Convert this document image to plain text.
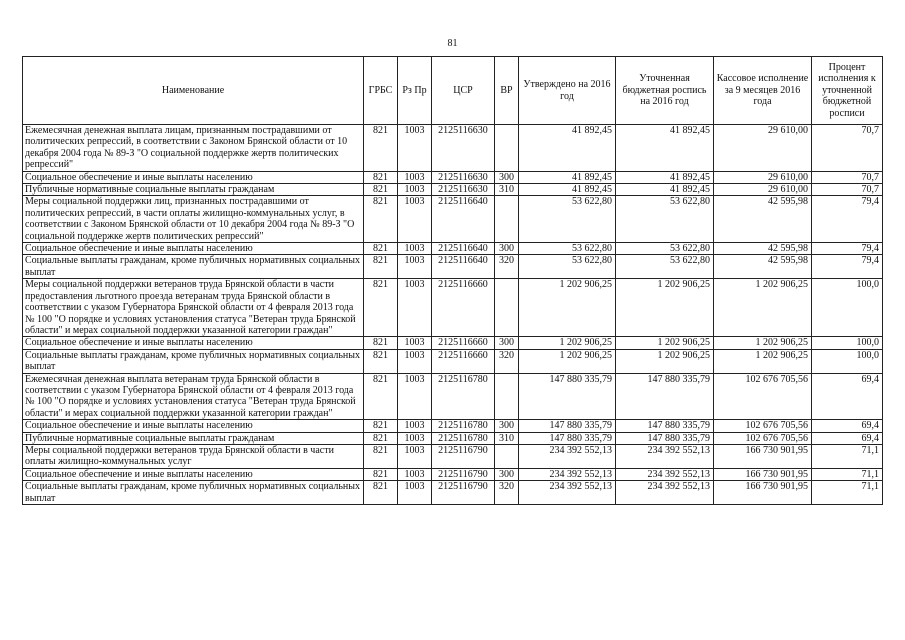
81
Наименование	ГРБС	Рз Пр	ЦСР	ВР	Утверждено на 2016 год	Уточненная бюджетная роспись на 2016 год	Кассовое исполнение за 9 месяцев 2016 года	Процент исполнения к уточненной бюджетной росписи
Ежемесячная денежная выплата лицам, признанным пострадавшими от политических репрессий, в соответствии с Законом Брянской области от 10 декабря 2004 года № 89-З "О социальной поддержке жертв политических репрессий"	821	1003	2125116630		41 892,45	41 892,45	29 610,00	70,7
Социальное обеспечение и иные выплаты населению	821	1003	2125116630	300	41 892,45	41 892,45	29 610,00	70,7
Публичные нормативные социальные выплаты гражданам	821	1003	2125116630	310	41 892,45	41 892,45	29 610,00	70,7
Меры социальной поддержки лиц, признанных пострадавшими от политических репрессий, в части оплаты жилищно-коммунальных услуг, в соответствии с Законом Брянской области от 10 декабря 2004 года № 89-З "О социальной поддержке жертв политических репрессий"	821	1003	2125116640		53 622,80	53 622,80	42 595,98	79,4
Социальное обеспечение и иные выплаты населению	821	1003	2125116640	300	53 622,80	53 622,80	42 595,98	79,4
Социальные выплаты гражданам, кроме публичных нормативных социальных выплат	821	1003	2125116640	320	53 622,80	53 622,80	42 595,98	79,4
Меры социальной поддержки ветеранов труда Брянской области в части предоставления льготного проезда ветеранам труда Брянской области в соответствии с указом Губернатора Брянской области от 4 февраля 2013 года № 100 "О порядке и условиях установления статуса "Ветеран труда Брянской области" и мерах социальной поддержки указанной категории граждан"	821	1003	2125116660		1 202 906,25	1 202 906,25	1 202 906,25	100,0
Социальное обеспечение и иные выплаты населению	821	1003	2125116660	300	1 202 906,25	1 202 906,25	1 202 906,25	100,0
Социальные выплаты гражданам, кроме публичных нормативных социальных выплат	821	1003	2125116660	320	1 202 906,25	1 202 906,25	1 202 906,25	100,0
Ежемесячная денежная выплата ветеранам труда Брянской области в соответствии с указом Губернатора Брянской области от 4 февраля 2013 года № 100 "О порядке и условиях установления статуса "Ветеран труда Брянской области" и мерах социальной поддержки указанной категории граждан"	821	1003	2125116780		147 880 335,79	147 880 335,79	102 676 705,56	69,4
Социальное обеспечение и иные выплаты населению	821	1003	2125116780	300	147 880 335,79	147 880 335,79	102 676 705,56	69,4
Публичные нормативные социальные выплаты гражданам	821	1003	2125116780	310	147 880 335,79	147 880 335,79	102 676 705,56	69,4
Меры социальной поддержки ветеранов труда Брянской области в части оплаты жилищно-коммунальных услуг	821	1003	2125116790		234 392 552,13	234 392 552,13	166 730 901,95	71,1
Социальное обеспечение и иные выплаты населению	821	1003	2125116790	300	234 392 552,13	234 392 552,13	166 730 901,95	71,1
Социальные выплаты гражданам, кроме публичных нормативных социальных выплат	821	1003	2125116790	320	234 392 552,13	234 392 552,13	166 730 901,95	71,1
